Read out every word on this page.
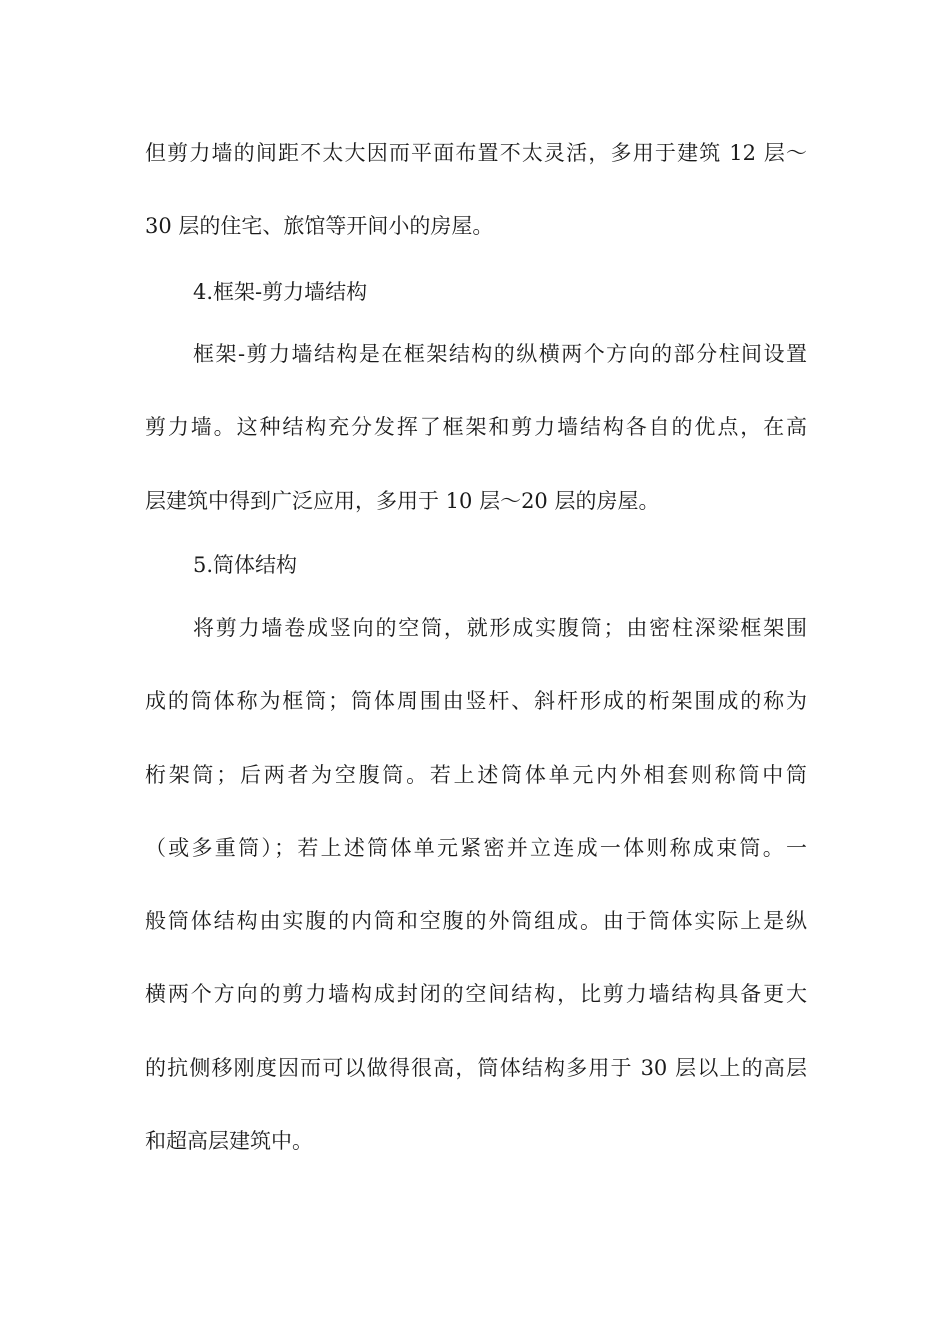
但剪力墙的间距不太大因而平面布置不太灵活，多用于建筑 12 层～
30 层的住宅、旅馆等开间小的房屋。
4.框架-剪力墙结构
框架-剪力墙结构是在框架结构的纵横两个方向的部分柱间设置
剪力墙。这种结构充分发挥了框架和剪力墙结构各自的优点，在高
层建筑中得到广泛应用，多用于 10 层～20 层的房屋。
5.筒体结构
将剪力墙卷成竖向的空筒，就形成实腹筒；由密柱深梁框架围
成的筒体称为框筒；筒体周围由竖杆、斜杆形成的桁架围成的称为
桁架筒；后两者为空腹筒。若上述筒体单元内外相套则称筒中筒
（或多重筒）；若上述筒体单元紧密并立连成一体则称成束筒。一
般筒体结构由实腹的内筒和空腹的外筒组成。由于筒体实际上是纵
横两个方向的剪力墙构成封闭的空间结构，比剪力墙结构具备更大
的抗侧移刚度因而可以做得很高，筒体结构多用于 30 层以上的高层
和超高层建筑中。
